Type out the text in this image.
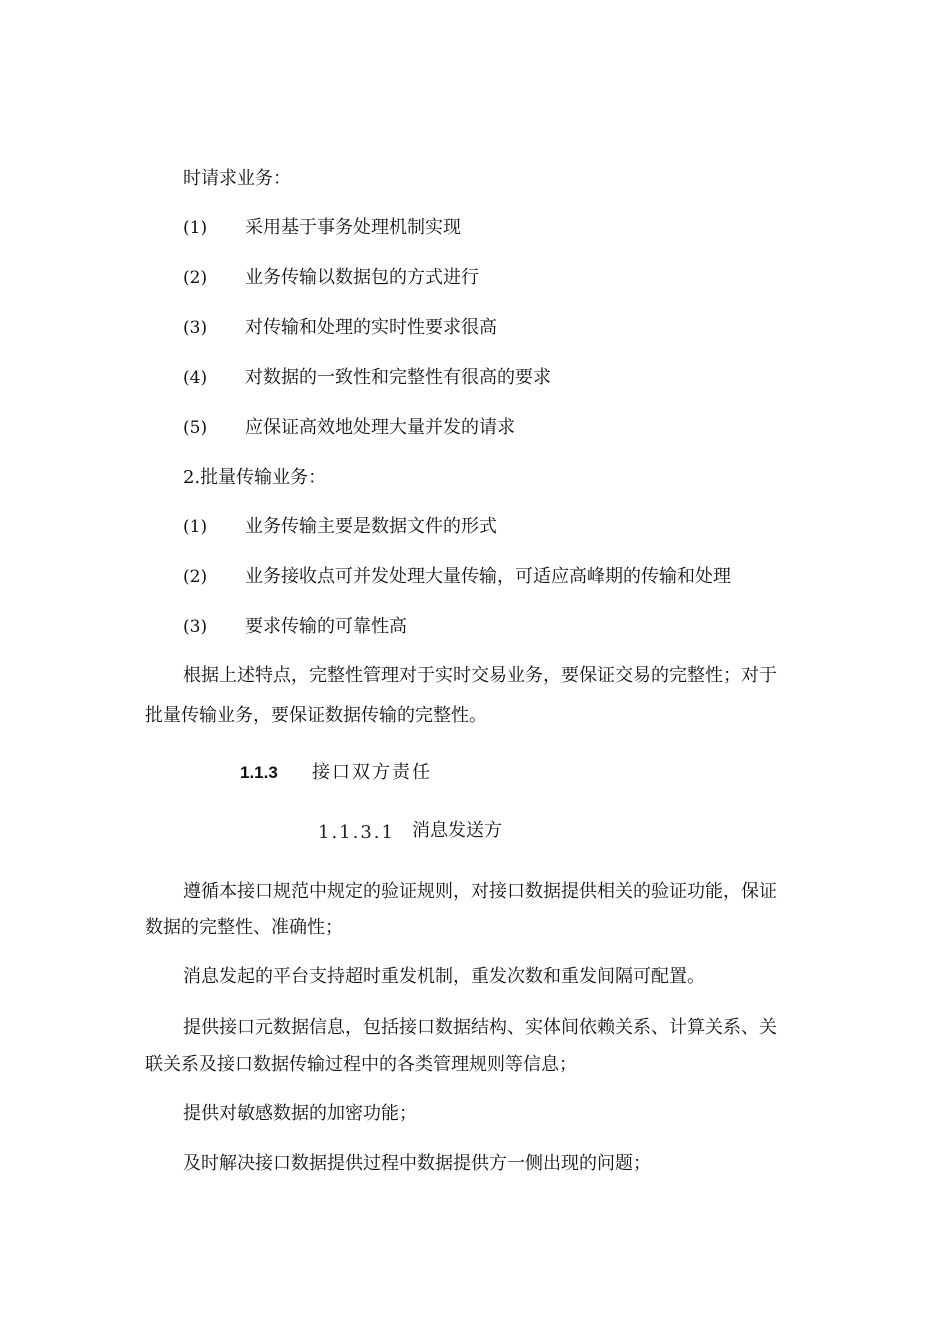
时请求业务：
(1) 采用基于事务处理机制实现
(2) 业务传输以数据包的方式进行
(3) 对传输和处理的实时性要求很高
(4) 对数据的一致性和完整性有很高的要求
(5) 应保证高效地处理大量并发的请求
2.批量传输业务：
(1) 业务传输主要是数据文件的形式
(2) 业务接收点可并发处理大量传输，可适应高峰期的传输和处理
(3) 要求传输的可靠性高
根据上述特点，完整性管理对于实时交易业务，要保证交易的完整性；对于
批量传输业务，要保证数据传输的完整性。
1.1.3 接口双方责任
1.1.3.1 消息发送方
遵循本接口规范中规定的验证规则，对接口数据提供相关的验证功能，保证
数据的完整性、准确性；
消息发起的平台支持超时重发机制，重发次数和重发间隔可配置。
提供接口元数据信息，包括接口数据结构、实体间依赖关系、计算关系、关
联关系及接口数据传输过程中的各类管理规则等信息；
提供对敏感数据的加密功能；
及时解决接口数据提供过程中数据提供方一侧出现的问题；
